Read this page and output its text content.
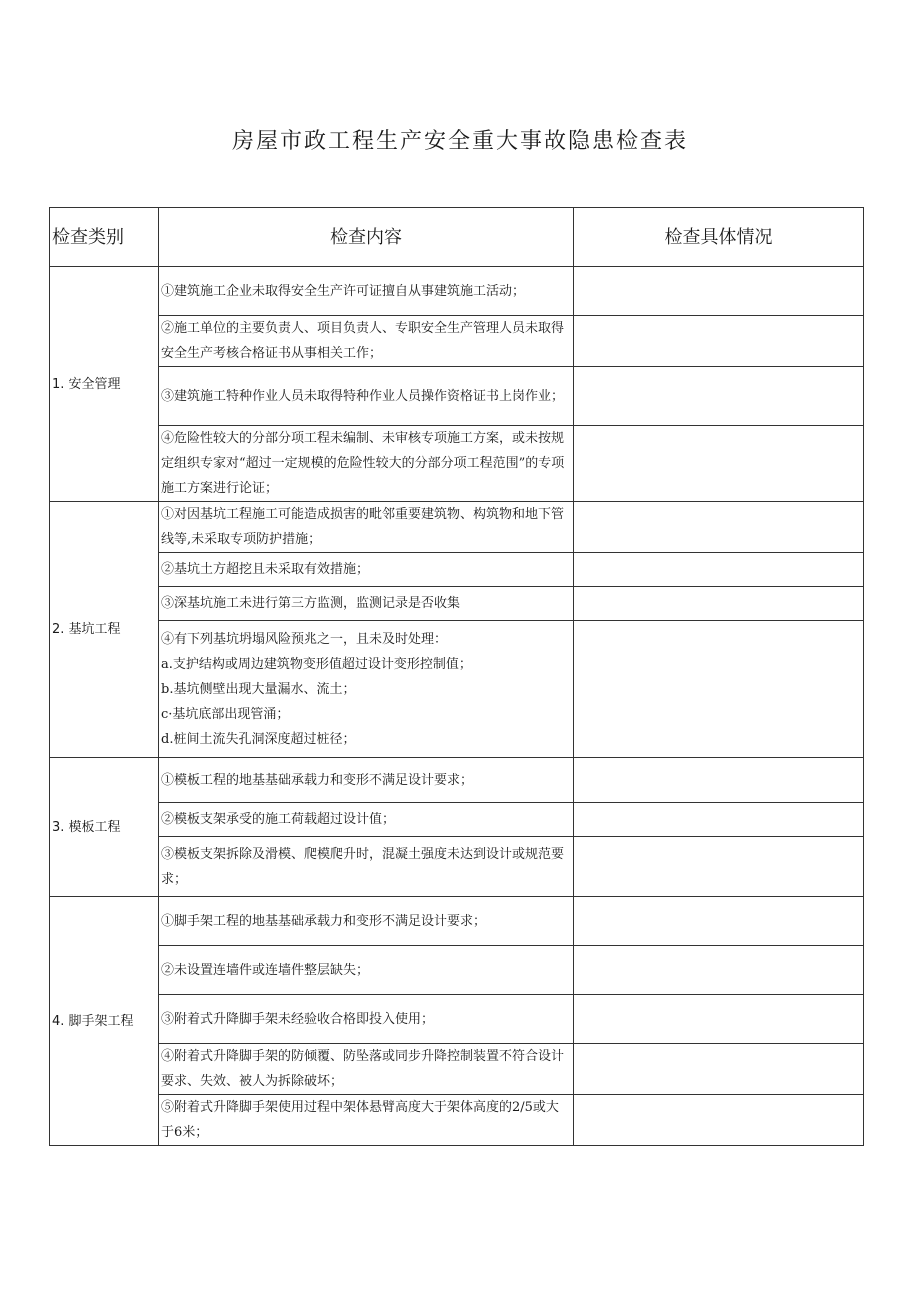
房屋市政工程生产安全重大事故隐患检查表
检查类别	检查内容	检查具体情况
1. 安全管理	①建筑施工企业未取得安全生产许可证擅自从事建筑施工活动；	
	②施工单位的主要负责人、项目负责人、专职安全生产管理人员未取得安全生产考核合格证书从事相关工作；	
	③建筑施工特种作业人员未取得特种作业人员操作资格证书上岗作业；	
	④危险性较大的分部分项工程未编制、未审核专项施工方案，或未按规定组织专家对“超过一定规模的危险性较大的分部分项工程范围”的专项施工方案进行论证；	
2. 基坑工程	①对因基坑工程施工可能造成损害的毗邻重要建筑物、构筑物和地下管线等,未采取专项防护措施；	
	②基坑土方超挖且未采取有效措施；	
	③深基坑施工未进行第三方监测，监测记录是否收集	
	④有下列基坑坍塌风险预兆之一，且未及时处理：
a.支护结构或周边建筑物变形值超过设计变形控制值；
b.基坑侧壁出现大量漏水、流土；
c·基坑底部出现管涌；
d.桩间土流失孔洞深度超过桩径；	
3. 模板工程	①模板工程的地基基础承载力和变形不满足设计要求；	
	②模板支架承受的施工荷载超过设计值；	
	③模板支架拆除及滑模、爬模爬升时，混凝土强度未达到设计或规范要求；	
4. 脚手架工程	①脚手架工程的地基基础承载力和变形不满足设计要求；	
	②未设置连墙件或连墙件整层缺失；	
	③附着式升降脚手架未经验收合格即投入使用；	
	④附着式升降脚手架的防倾覆、防坠落或同步升降控制装置不符合设计要求、失效、被人为拆除破坏；	
	⑤附着式升降脚手架使用过程中架体悬臂高度大于架体高度的2/5或大于6米；	
